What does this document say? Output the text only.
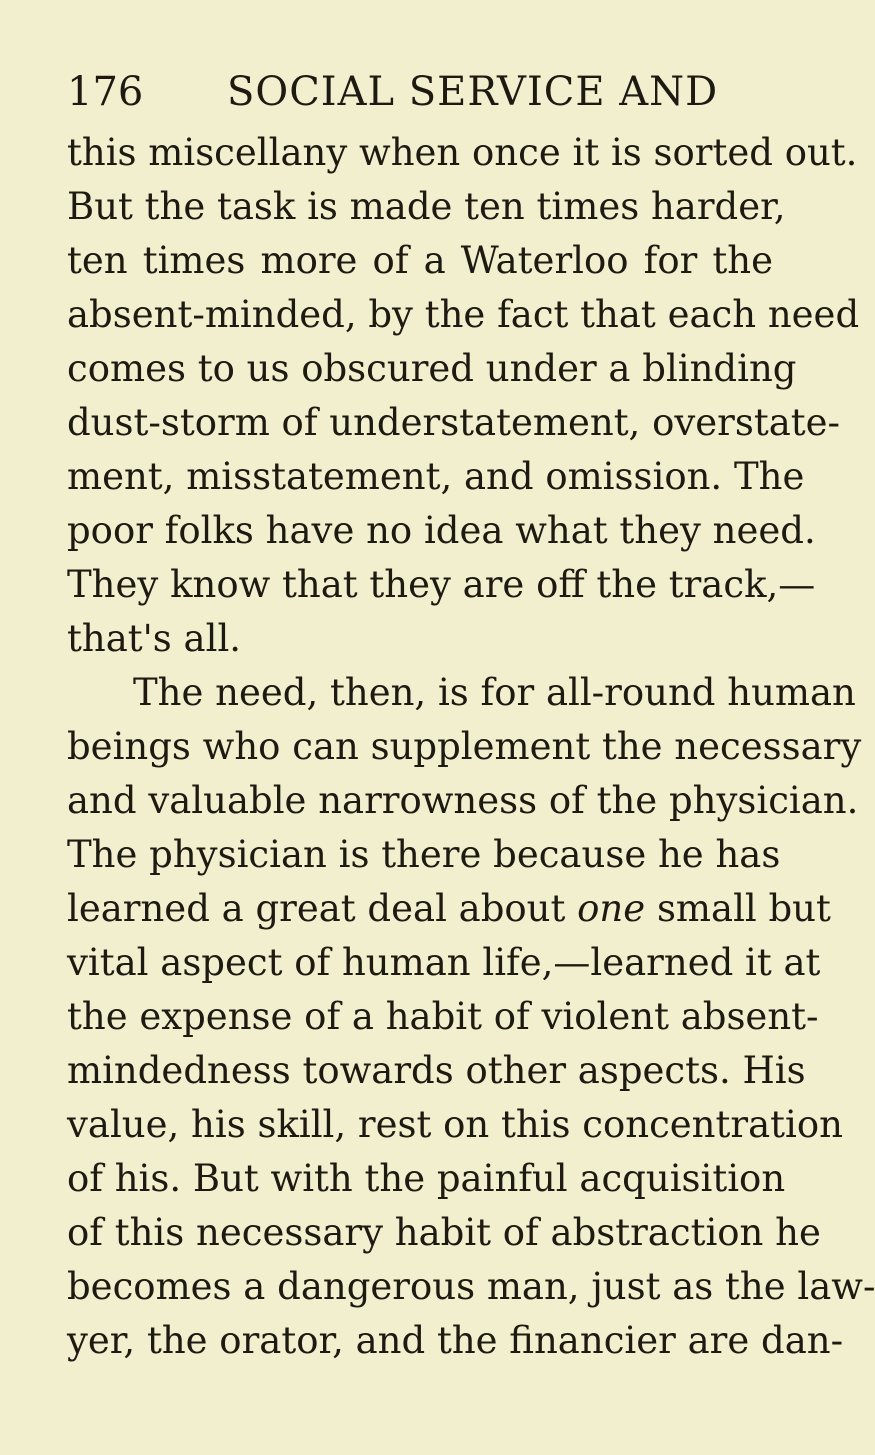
176 SOCIAL SERVICE AND
this miscellany when once it is sorted out.
But the task is made ten times harder,
ten times more of a Waterloo for the
absent-minded, by the fact that each need
comes to us obscured under a blinding
dust-storm of understatement, overstate-
ment, misstatement, and omission. The
poor folks have no idea what they need.
They know that they are off the track,—
that's all.
The need, then, is for all-round human
beings who can supplement the necessary
and valuable narrowness of the physician.
The physician is there because he has
learned a great deal about one small but
vital aspect of human life,—learned it at
the expense of a habit of violent absent-
mindedness towards other aspects. His
value, his skill, rest on this concentration
of his. But with the painful acquisition
of this necessary habit of abstraction he
becomes a dangerous man, just as the law-
yer, the orator, and the financier are dan-
